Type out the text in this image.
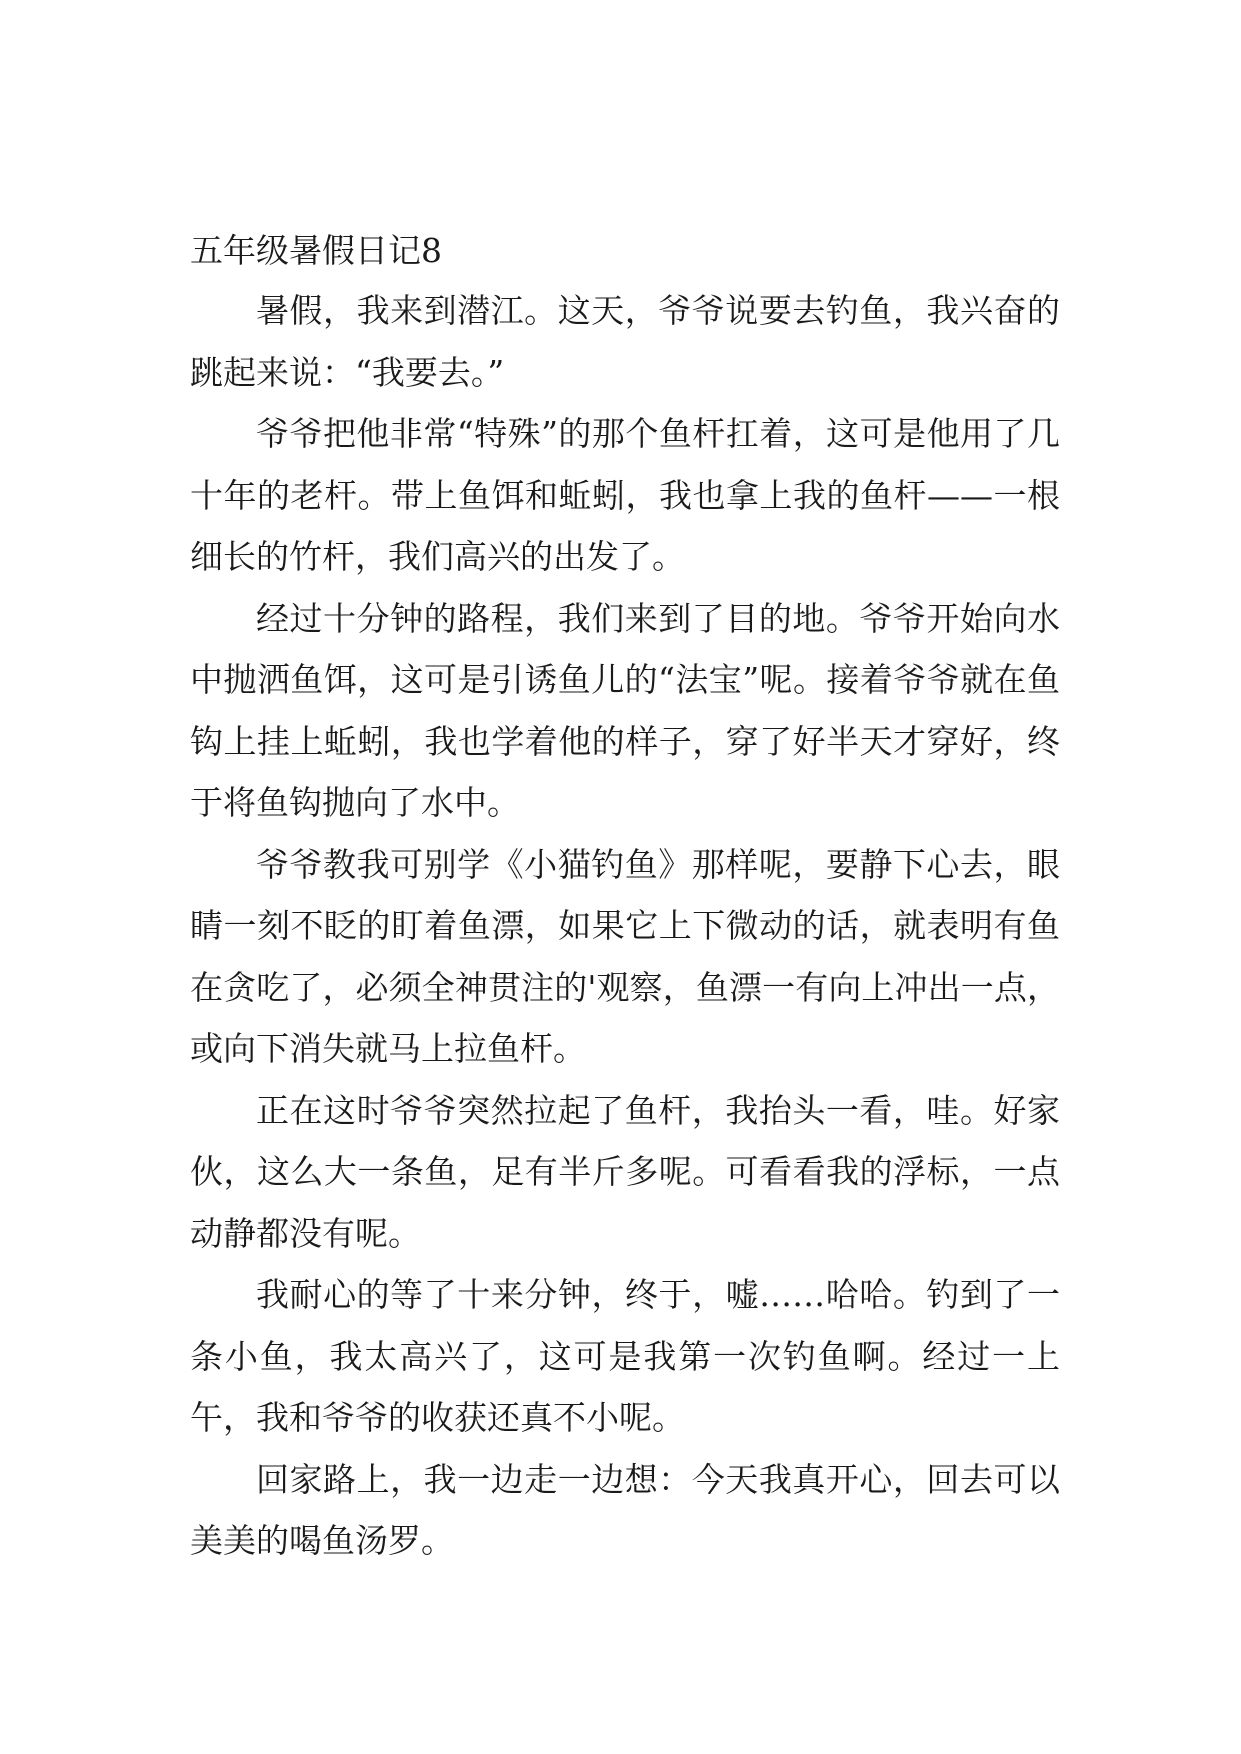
五年级暑假日记8

暑假，我来到潜江。这天，爷爷说要去钓鱼，我兴奋的跳起来说：“我要去。”

爷爷把他非常“特殊”的那个鱼杆扛着，这可是他用了几十年的老杆。带上鱼饵和蚯蚓，我也拿上我的鱼杆——一根细长的竹杆，我们高兴的出发了。

经过十分钟的路程，我们来到了目的地。爷爷开始向水中抛洒鱼饵，这可是引诱鱼儿的“法宝”呢。接着爷爷就在鱼钩上挂上蚯蚓，我也学着他的样子，穿了好半天才穿好，终于将鱼钩抛向了水中。

爷爷教我可别学《小猫钓鱼》那样呢，要静下心去，眼睛一刻不眨的盯着鱼漂，如果它上下微动的话，就表明有鱼在贪吃了，必须全神贯注的'观察，鱼漂一有向上冲出一点，或向下消失就马上拉鱼杆。

正在这时爷爷突然拉起了鱼杆，我抬头一看，哇。好家伙，这么大一条鱼，足有半斤多呢。可看看我的浮标，一点动静都没有呢。

我耐心的等了十来分钟，终于，嘘……哈哈。钓到了一条小鱼，我太高兴了，这可是我第一次钓鱼啊。经过一上午，我和爷爷的收获还真不小呢。

回家路上，我一边走一边想：今天我真开心，回去可以美美的喝鱼汤罗。
